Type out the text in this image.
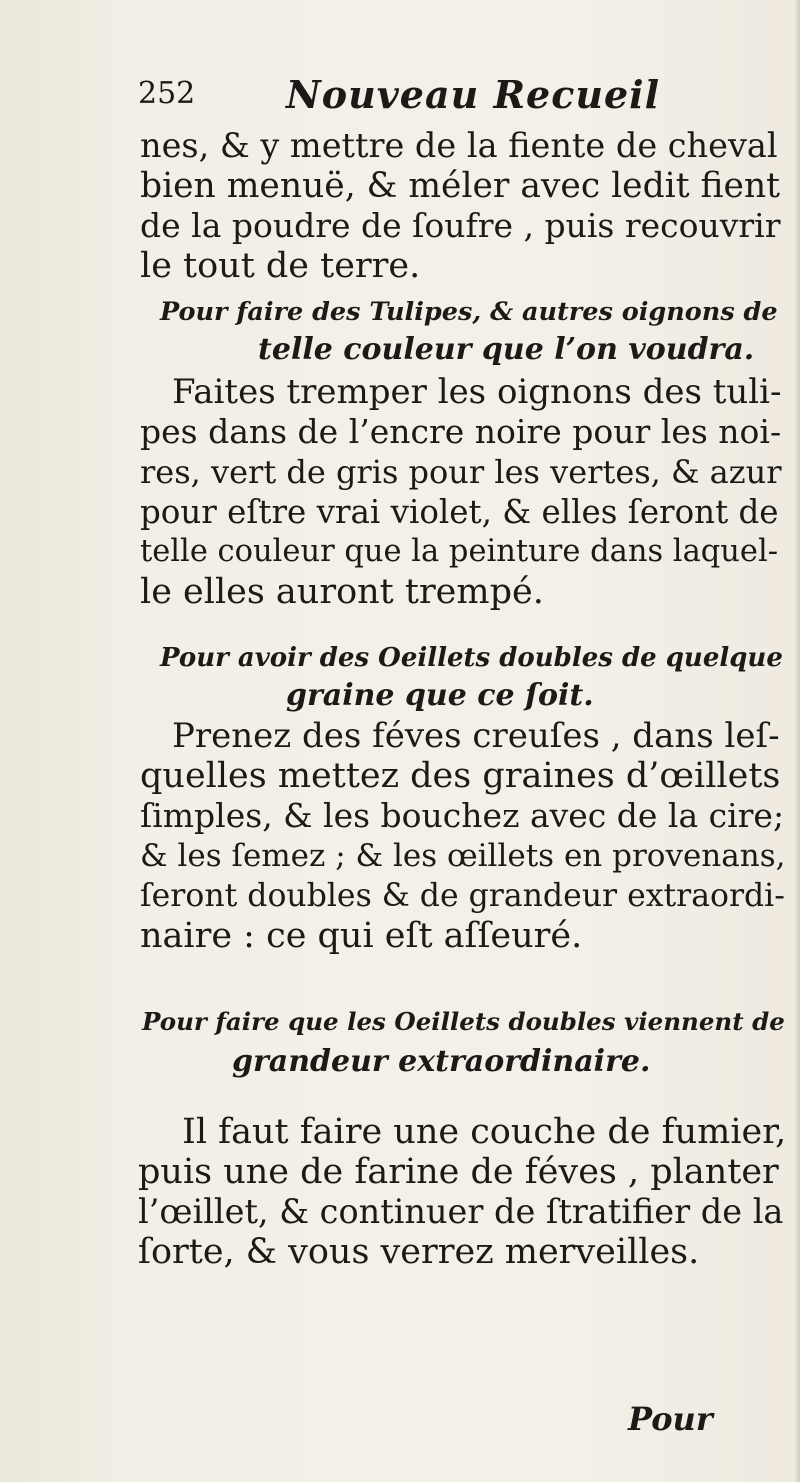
252 Nouveau Recueil
nes, & y mettre de la fiente de cheval
bien menuë, & méler avec ledit fient
de la poudre de ſoufre , puis recouvrir
le tout de terre.
Pour faire des Tulipes, & autres oignons de
telle couleur que l’on voudra.
Faites tremper les oignons des tuli-
pes dans de l’encre noire pour les noi-
res, vert de gris pour les vertes, & azur
pour eſtre vrai violet, & elles ſeront de
telle couleur que la peinture dans laquel-
le elles auront trempé.
Pour avoir des Oeillets doubles de quelque
graine que ce ſoit.
Prenez des féves creuſes , dans leſ-
quelles mettez des graines d’œillets
ſimples, & les bouchez avec de la cire;
& les ſemez ; & les œillets en provenans,
ſeront doubles & de grandeur extraordi-
naire : ce qui eſt aſſeuré.
Pour faire que les Oeillets doubles viennent de
grandeur extraordinaire.
Il faut faire une couche de fumier,
puis une de farine de féves , planter
l’œillet, & continuer de ſtratifier de la
ſorte, & vous verrez merveilles.
Pour
